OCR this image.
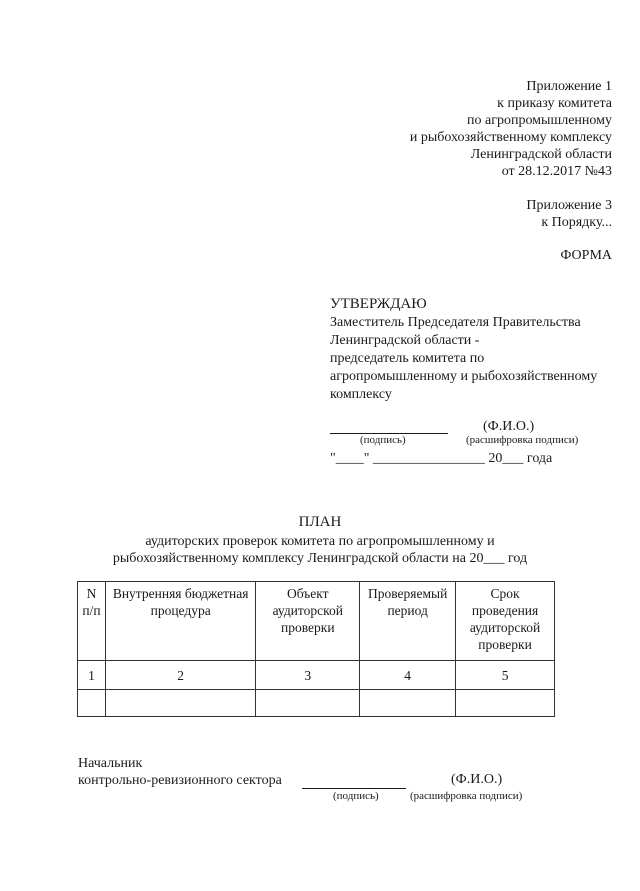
Приложение 1
к приказу комитета
по агропромышленному
и рыбохозяйственному комплексу
Ленинградской области
от 28.12.2017 №43
Приложение 3
к Порядку...
ФОРМА
УТВЕРЖДАЮ
Заместитель Председателя Правительства
Ленинградской области -
председатель комитета по
агропромышленному и рыбохозяйственному
комплексу
(Ф.И.О.)
(подпись)	(расшифровка подписи)
"____" ________________ 20___ года
ПЛАН
аудиторских проверок комитета по агропромышленному и
рыбохозяйственному комплексу Ленинградской области на 20___ год
N п/п	Внутренняя бюджетная процедура	Объект аудиторской проверки	Проверяемый период	Срок проведения аудиторской проверки
1	2	3	4	5

Начальник
контрольно-ревизионного сектора	(Ф.И.О.)
(подпись)	(расшифровка подписи)
